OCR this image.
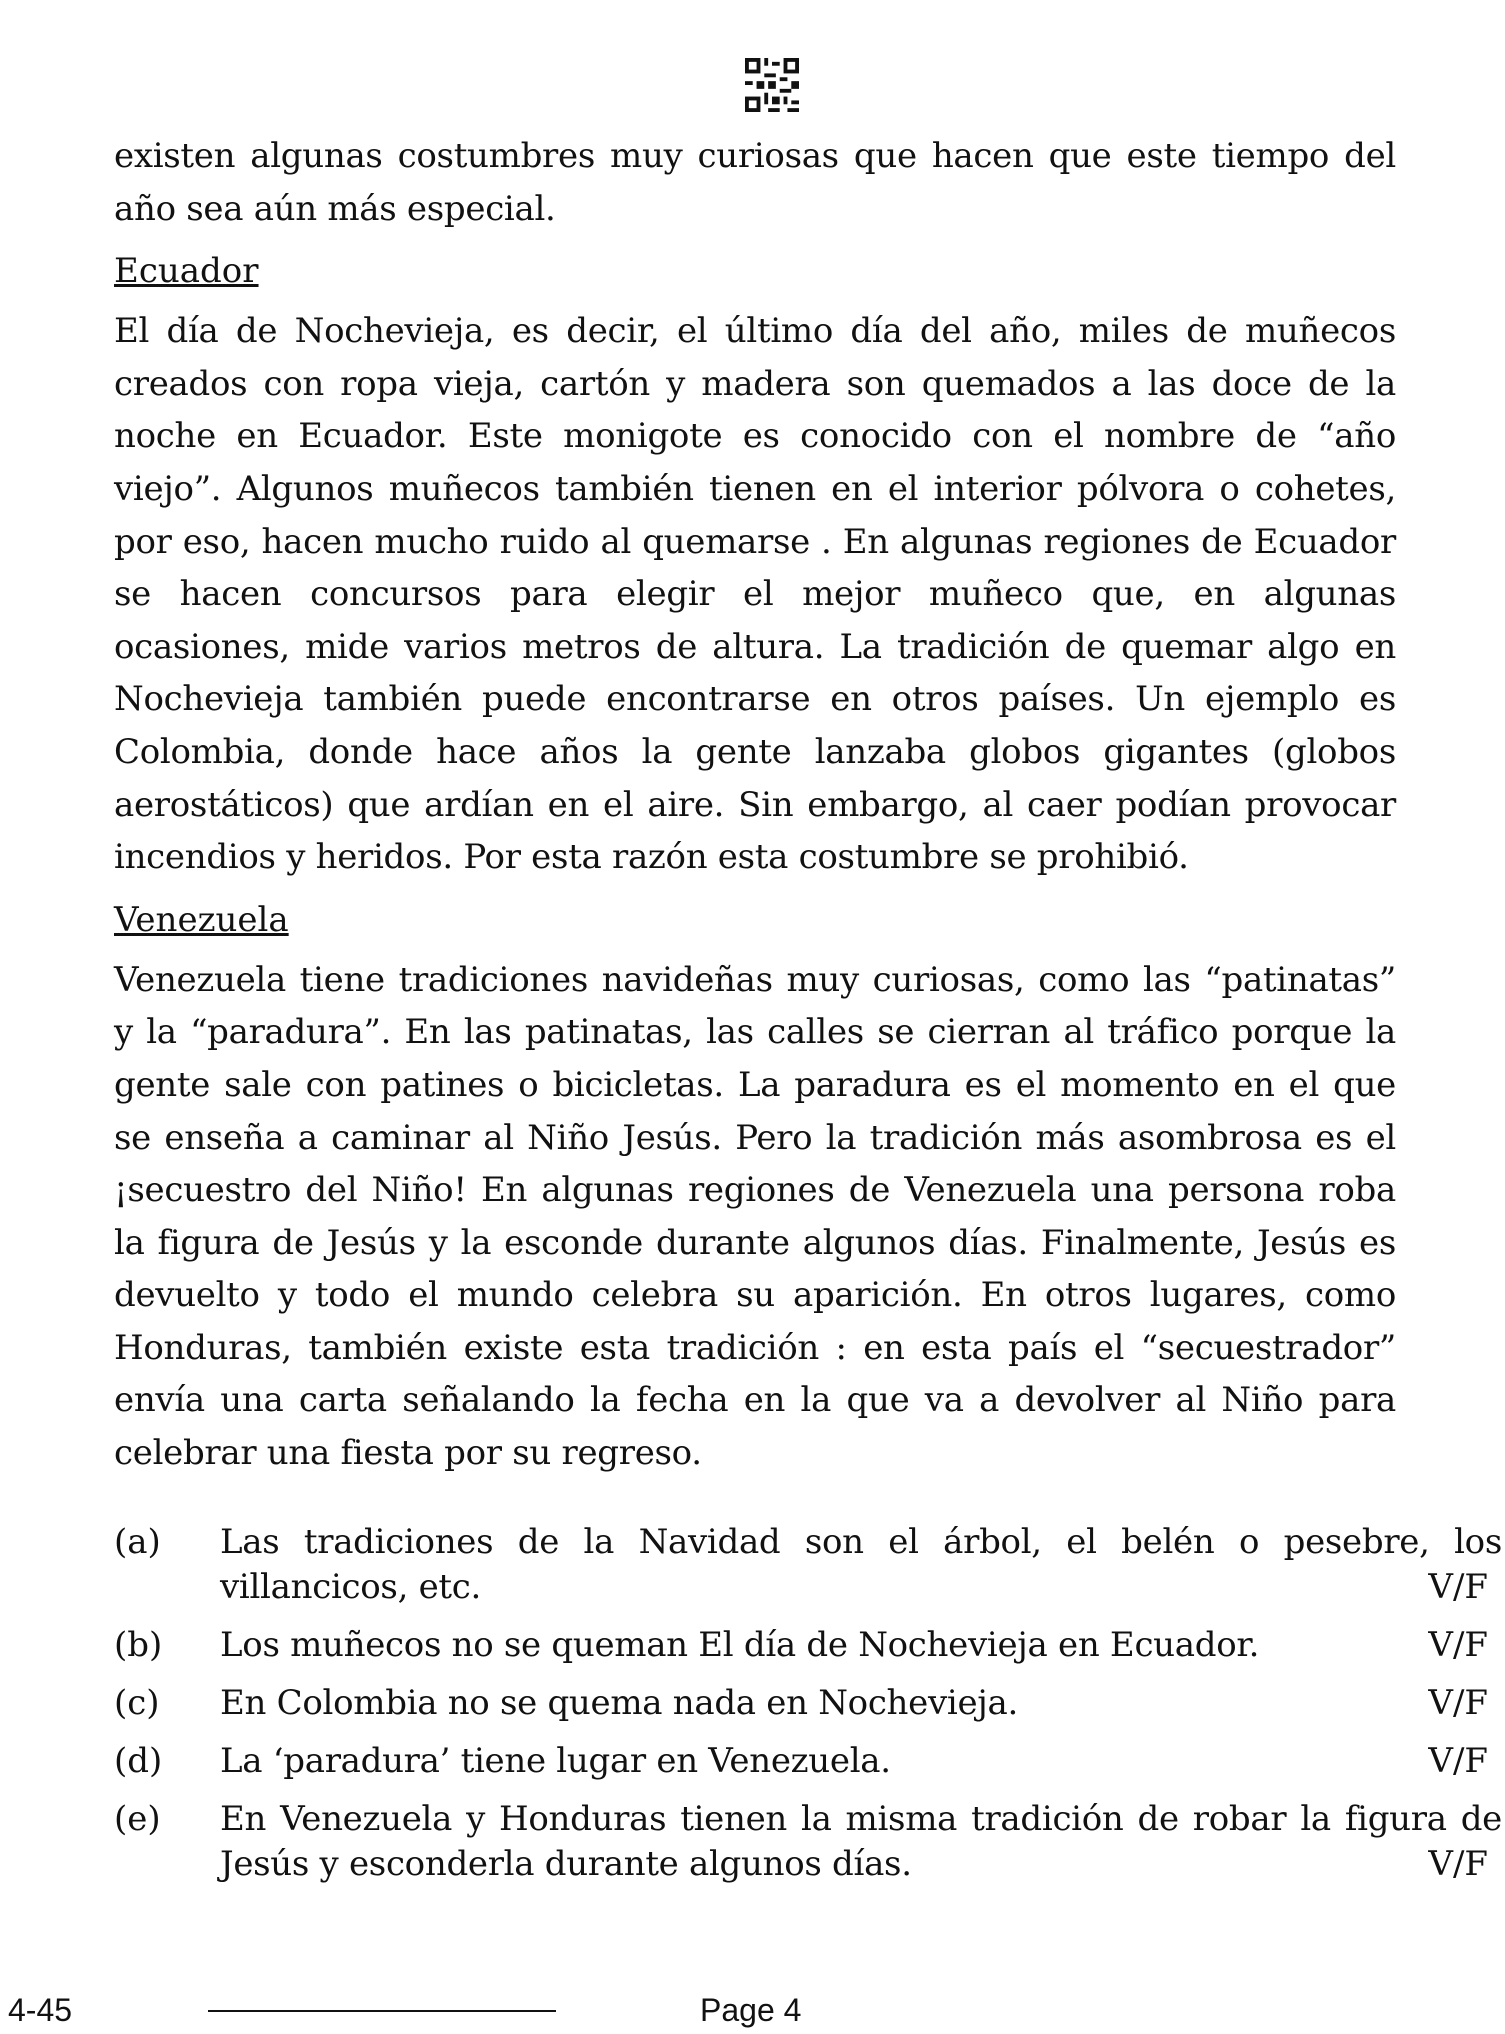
existen algunas costumbres muy curiosas que hacen que este tiempo del año sea aún más especial.

Ecuador

El día de Nochevieja, es decir, el último día del año, miles de muñecos creados con ropa vieja, cartón y madera son quemados a las doce de la noche en Ecuador. Este monigote es conocido con el nombre de “año viejo”. Algunos muñecos también tienen en el interior pólvora o cohetes, por eso, hacen mucho ruido al quemarse . En algunas regiones de Ecuador se hacen concursos para elegir el mejor muñeco que, en algunas ocasiones, mide varios metros de altura. La tradición de quemar algo en Nochevieja también puede encontrarse en otros países. Un ejemplo es Colombia, donde hace años la gente lanzaba globos gigantes (globos aerostáticos) que ardían en el aire. Sin embargo, al caer podían provocar incendios y heridos. Por esta razón esta costumbre se prohibió.

Venezuela

Venezuela tiene tradiciones navideñas muy curiosas, como las “patinatas” y la “paradura”. En las patinatas, las calles se cierran al tráfico porque la gente sale con patines o bicicletas. La paradura es el momento en el que se enseña a caminar al Niño Jesús. Pero la tradición más asombrosa es el ¡secuestro del Niño! En algunas regiones de Venezuela una persona roba la figura de Jesús y la esconde durante algunos días. Finalmente, Jesús es devuelto y todo el mundo celebra su aparición. En otros lugares, como Honduras, también existe esta tradición : en esta país el “secuestrador” envía una carta señalando la fecha en la que va a devolver al Niño para celebrar una fiesta por su regreso.

(a)	Las tradiciones de la Navidad son el árbol, el belén o pesebre, los villancicos, etc.	V/F
(b)	Los muñecos no se queman El día de Nochevieja en Ecuador.	V/F
(c)	En Colombia no se quema nada en Nochevieja.	V/F
(d)	La ‘paradura’ tiene lugar en Venezuela.	V/F
(e)	En Venezuela y Honduras tienen la misma tradición de robar la figura de Jesús y esconderla durante algunos días.	V/F
4-45	Page 4
